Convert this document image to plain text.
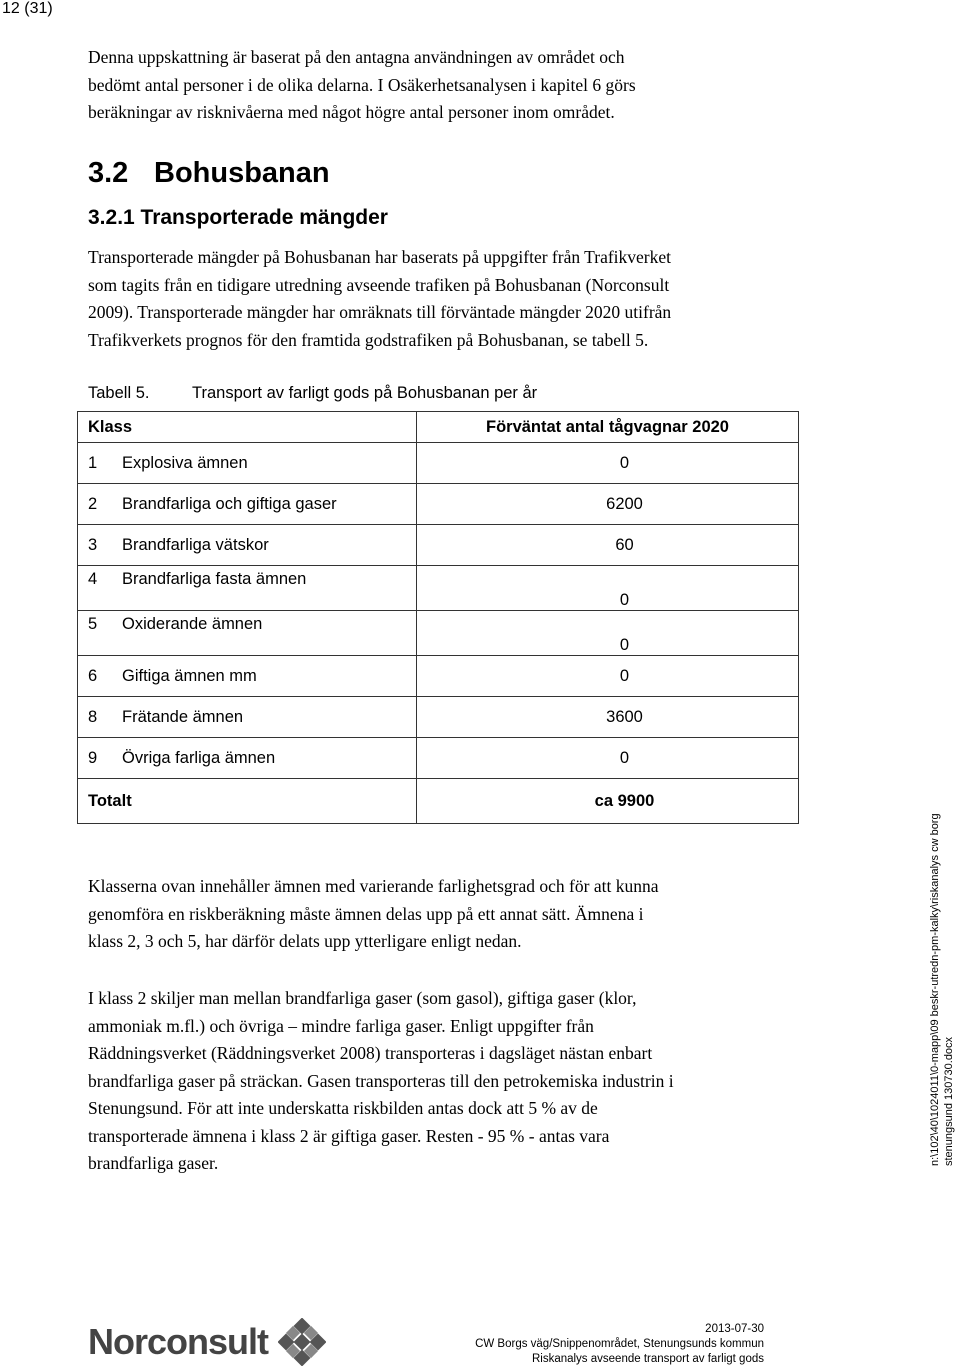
12 (31)

Denna uppskattning är baserat på den antagna användningen av området och

bedömt antal personer i de olika delarna. I Osäkerhetsanalysen i kapitel 6 görs

beräkningar av risknivåerna med något högre antal personer inom området.

3.2 Bohusbanan
3.2.1 Transporterade mängder

Transporterade mängder på Bohusbanan har baserats på uppgifter från Trafikverket

som tagits från en tidigare utredning avseende trafiken på Bohusbanan (Norconsult

2009). Transporterade mängder har omräknats till förväntade mängder 2020 utifrån

Trafikverkets prognos för den framtida godstrafiken på Bohusbanan, se tabell 5.

Tabell 5.	Transport av farligt gods på Bohusbanan per år
Klass	Förväntat antal tågvagnar 2020
1 Explosiva ämnen	0
2 Brandfarliga och giftiga gaser	6200
3 Brandfarliga vätskor	60
4 Brandfarliga fasta ämnen	0
5 Oxiderande ämnen	0
6 Giftiga ämnen mm	0
8 Frätande ämnen	3600
9 Övriga farliga ämnen	0
Totalt	ca 9900

Klasserna ovan innehåller ämnen med varierande farlighetsgrad och för att kunna

genomföra en riskberäkning måste ämnen delas upp på ett annat sätt. Ämnena i

klass 2, 3 och 5, har därför delats upp ytterligare enligt nedan.

I klass 2 skiljer man mellan brandfarliga gaser (som gasol), giftiga gaser (klor,

ammoniak m.fl.) och övriga – mindre farliga gaser. Enligt uppgifter från

Räddningsverket (Räddningsverket 2008) transporteras i dagsläget nästan enbart

brandfarliga gaser på sträckan. Gasen transporteras till den petrokemiska industrin i

Stenungsund. För att inte underskatta riskbilden antas dock att 5 % av de

transporterade ämnena i klass 2 är giftiga gaser. Resten - 95 % - antas vara

brandfarliga gaser.	n:\102\40\1024011\0-mapp\09 beskr-utredn-pm-kalky\riskanalys cw borg stenungsund 130730.docx
Norconsult	2013-07-30
CW Borgs väg/Snippenområdet, Stenungsunds kommun
Riskanalys avseende transport av farligt gods
